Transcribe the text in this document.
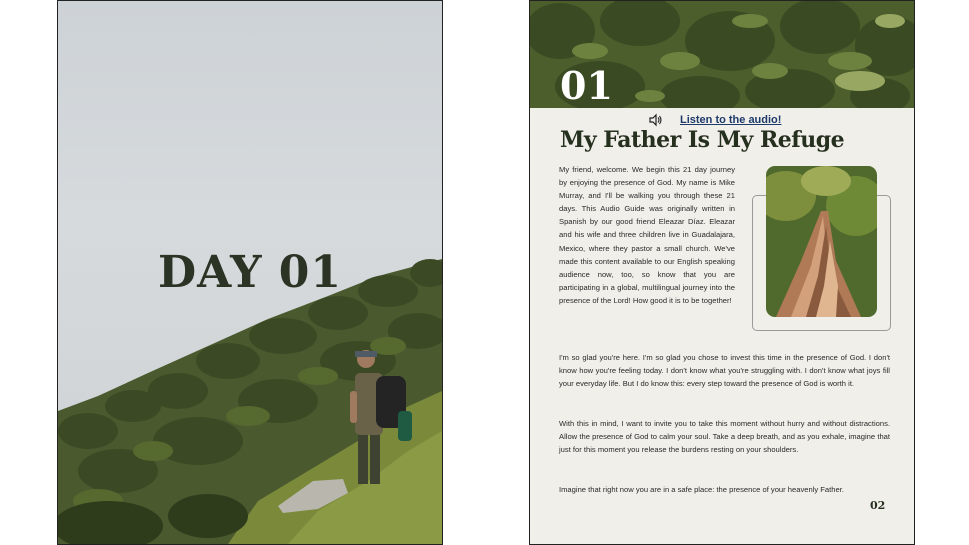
DAY 01
01
Listen to the audio!
My Father Is My Refuge
My friend, welcome. We begin this 21 day journey by enjoying the presence of God. My name is Mike Murray, and I'll be walking you through these 21 days. This Audio Guide was originally written in Spanish by our good friend Eleazar Díaz. Eleazar and his wife and three children live in Guadalajara, Mexico, where they pastor a small church. We've made this content available to our English speaking audience now, too, so know that you are participating in a global, multilingual journey into the presence of the Lord! How good it is to be together!

I'm so glad you're here. I'm so glad you chose to invest this time in the presence of God. I don't know how you're feeling today. I don't know what you're struggling with. I don't know what joys fill your everyday life. But I do know this: every step toward the presence of God is worth it.

With this in mind, I want to invite you to take this moment without hurry and without distractions. Allow the presence of God to calm your soul. Take a deep breath, and as you exhale, imagine that just for this moment you release the burdens resting on your shoulders.

Imagine that right now you are in a safe place: the presence of your heavenly Father.

02
